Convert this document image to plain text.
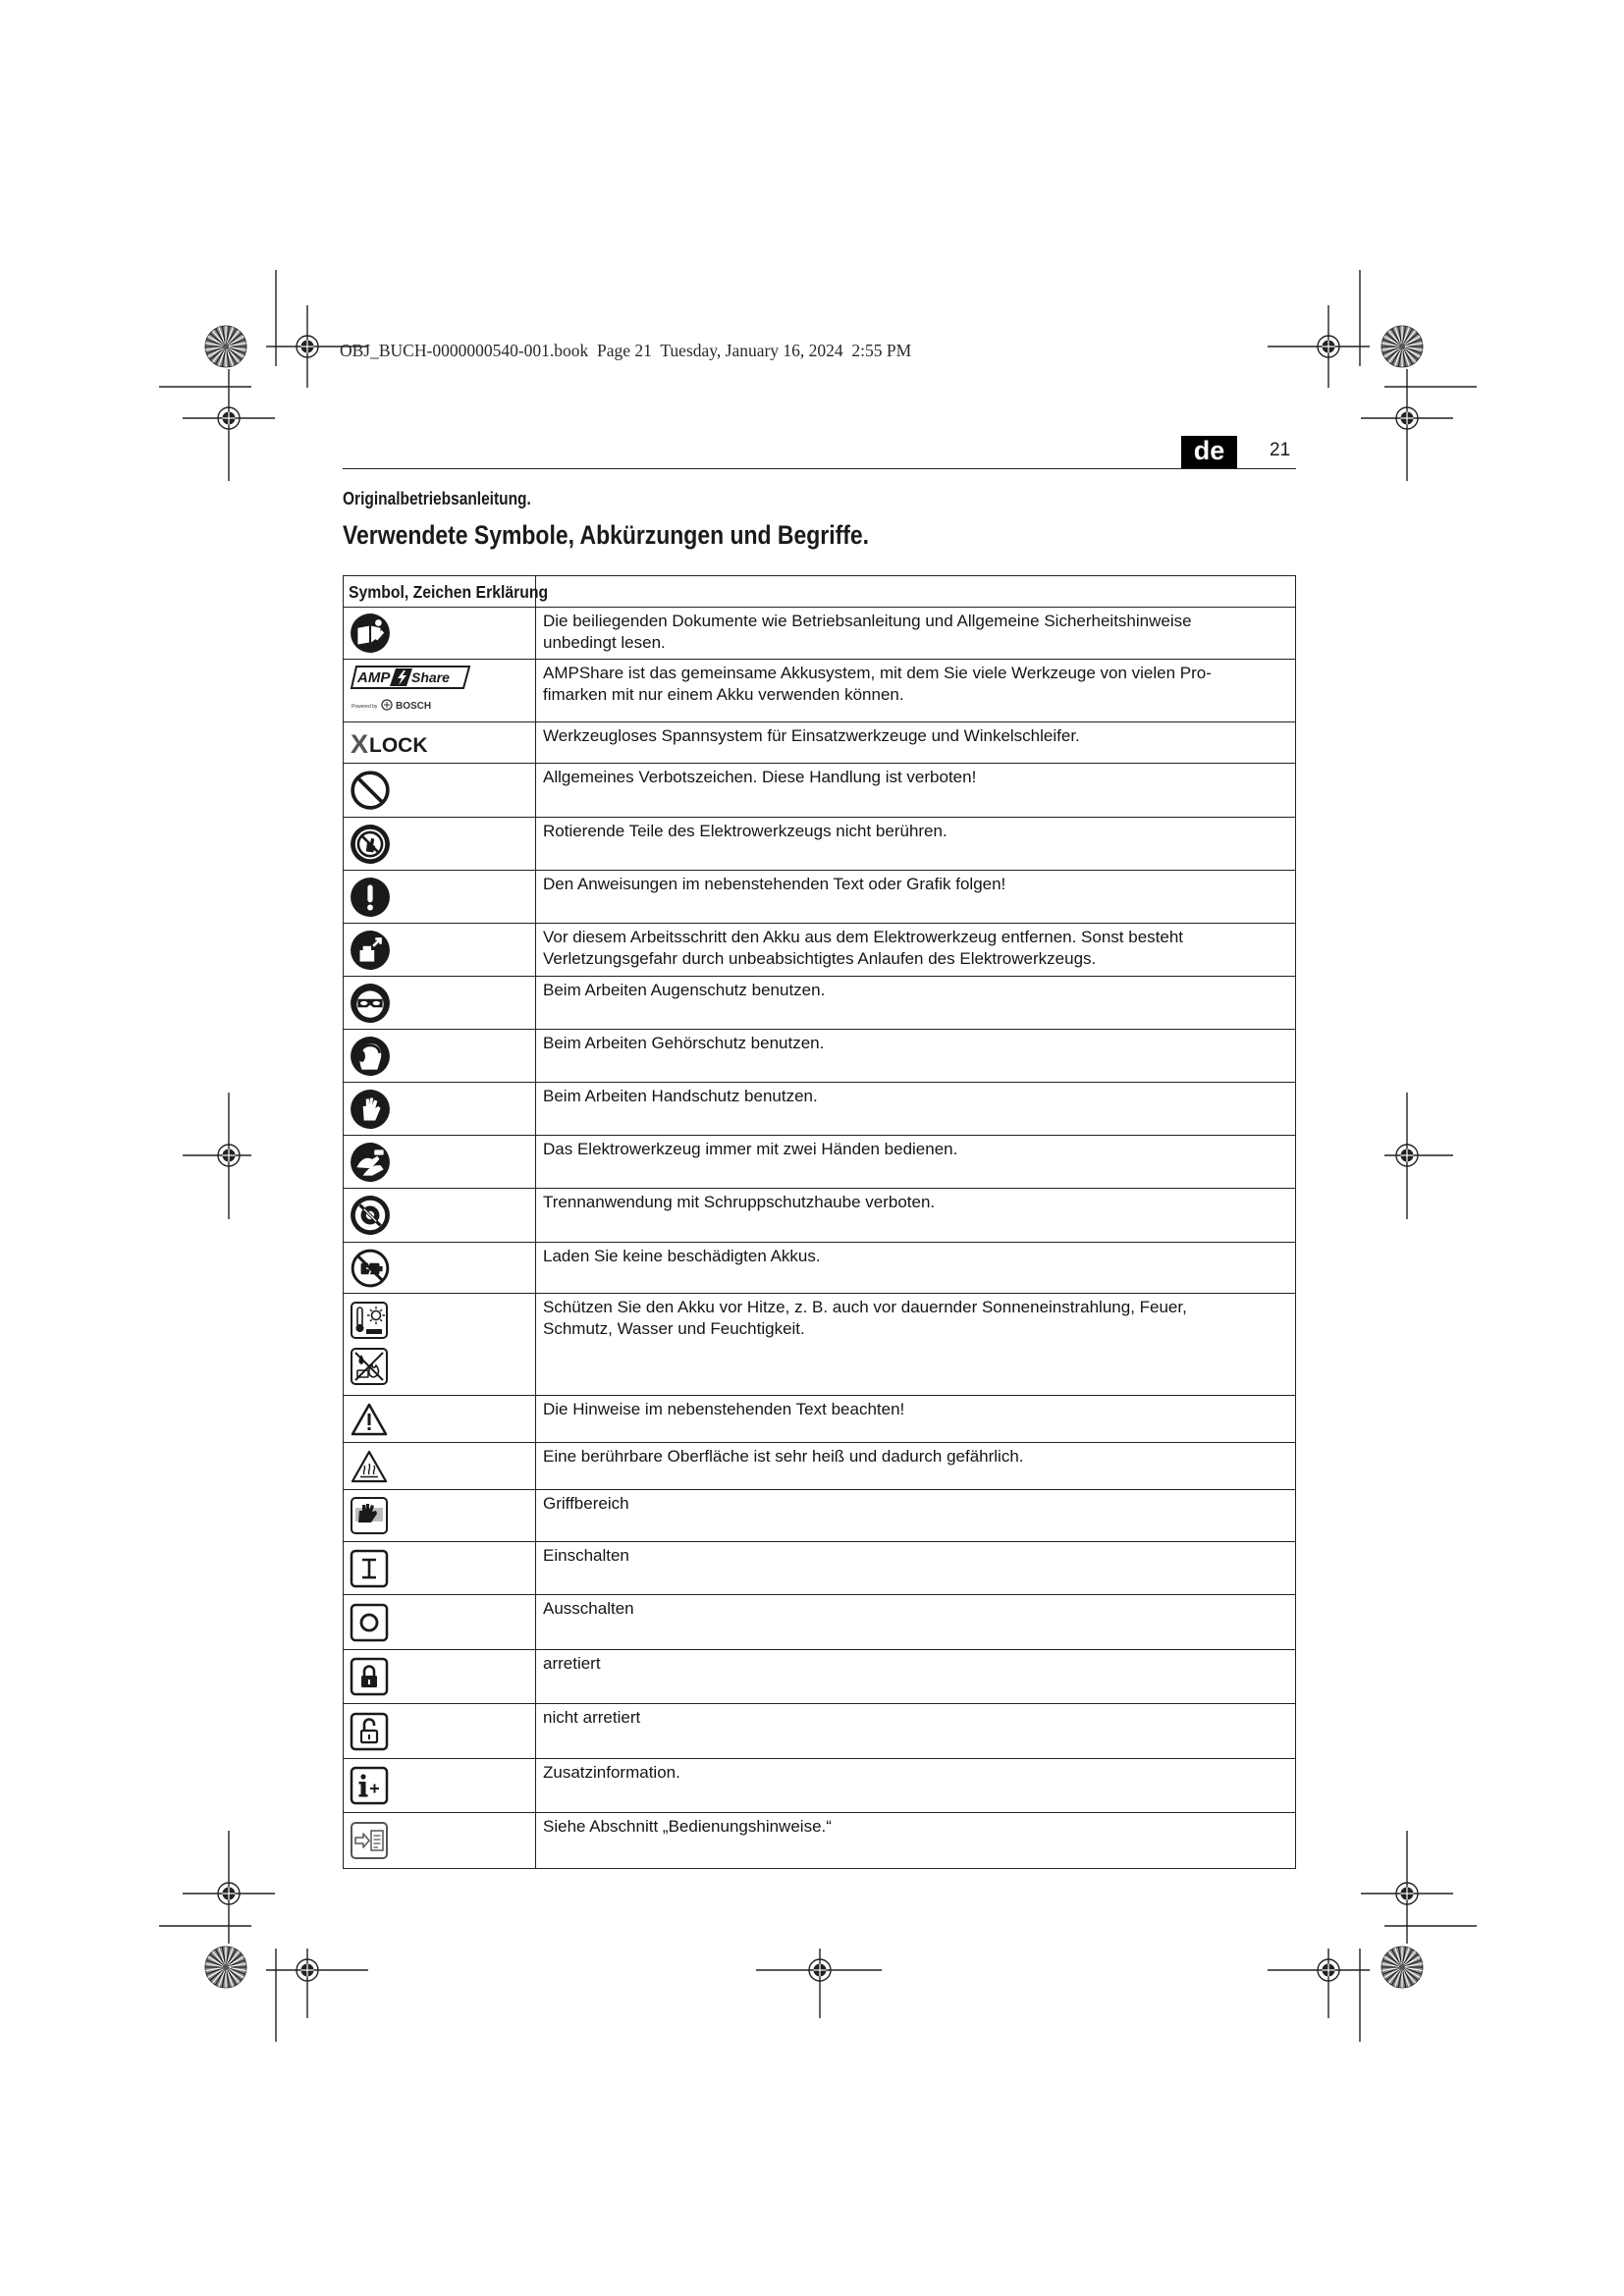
OBJ_BUCH-0000000540-001.book  Page 21  Tuesday, January 16, 2024  2:55 PM
de	21
Originalbetriebsanleitung.
Verwendete Symbole, Abkürzungen und Begriffe.
Symbol, Zeichen Erklärung
Die beiliegenden Dokumente wie Betriebsanleitung und Allgemeine Sicherheitshinweise
unbedingt lesen.
AMP Share
Powered by BOSCH
AMPShare ist das gemeinsame Akkusystem, mit dem Sie viele Werkzeuge von vielen Pro-
fimarken mit nur einem Akku verwenden können.
X LOCK	Werkzeugloses Spannsystem für Einsatzwerkzeuge und Winkelschleifer.
Allgemeines Verbotszeichen. Diese Handlung ist verboten!
Rotierende Teile des Elektrowerkzeugs nicht berühren.
Den Anweisungen im nebenstehenden Text oder Grafik folgen!
Vor diesem Arbeitsschritt den Akku aus dem Elektrowerkzeug entfernen. Sonst besteht
Verletzungsgefahr durch unbeabsichtigtes Anlaufen des Elektrowerkzeugs.
Beim Arbeiten Augenschutz benutzen.
Beim Arbeiten Gehörschutz benutzen.
Beim Arbeiten Handschutz benutzen.
Das Elektrowerkzeug immer mit zwei Händen bedienen.
Trennanwendung mit Schruppschutzhaube verboten.
Laden Sie keine beschädigten Akkus.
Schützen Sie den Akku vor Hitze, z. B. auch vor dauernder Sonneneinstrahlung, Feuer,
Schmutz, Wasser und Feuchtigkeit.
Die Hinweise im nebenstehenden Text beachten!
Eine berührbare Oberfläche ist sehr heiß und dadurch gefährlich.
Griffbereich
Einschalten
Ausschalten
arretiert
nicht arretiert
Zusatzinformation.
Siehe Abschnitt „Bedienungshinweise.“
